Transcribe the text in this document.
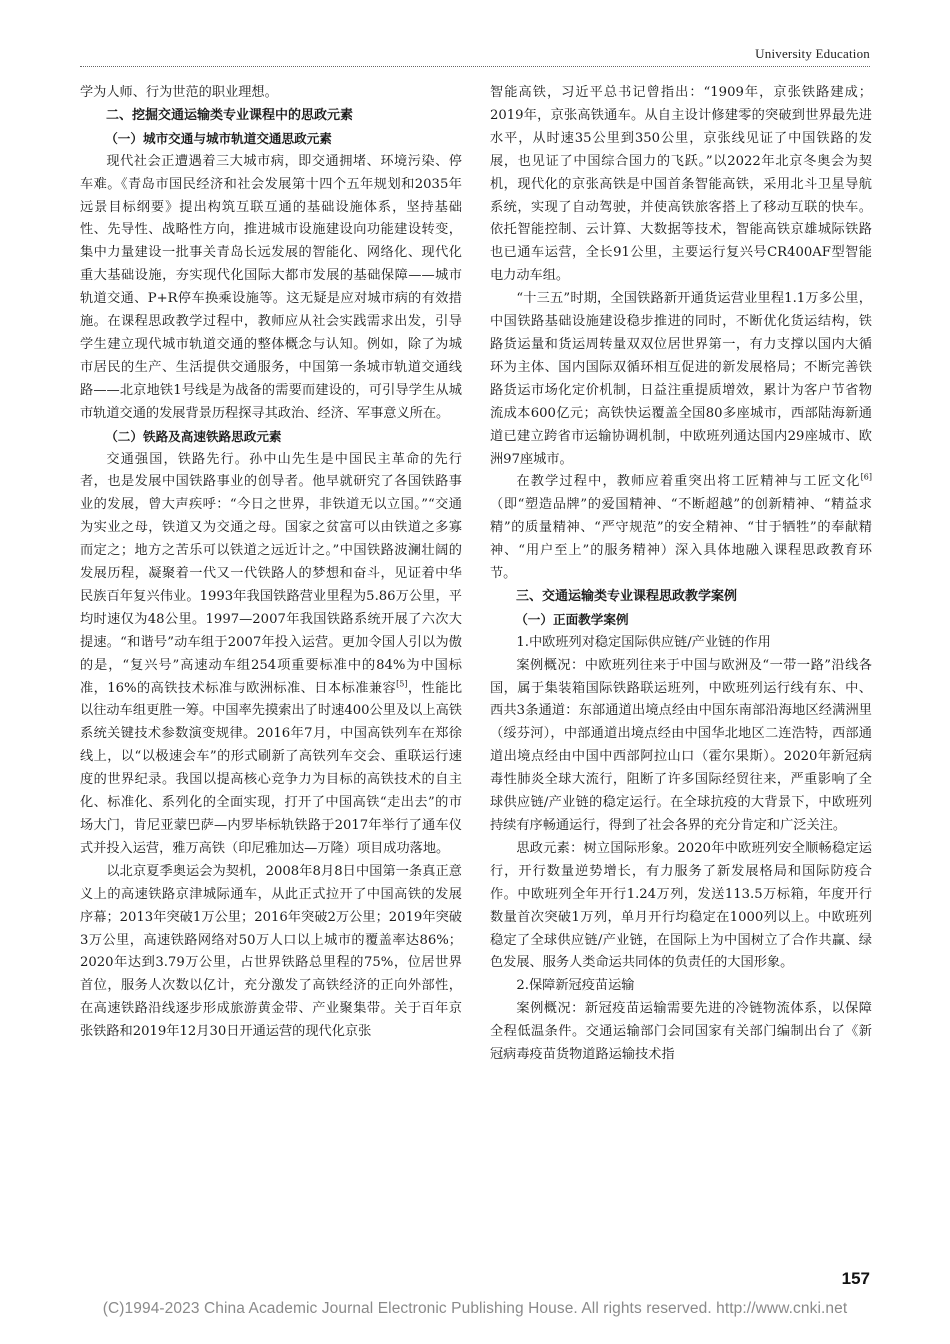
University Education

学为人师、行为世范的职业理想。

二、挖掘交通运输类专业课程中的思政元素

（一）城市交通与城市轨道交通思政元素

现代社会正遭遇着三大城市病，即交通拥堵、环境污染、停车难。《青岛市国民经济和社会发展第十四个五年规划和2035年远景目标纲要》提出构筑互联互通的基础设施体系，坚持基础性、先导性、战略性方向，推进城市设施建设向功能建设转变，集中力量建设一批事关青岛长远发展的智能化、网络化、现代化重大基础设施，夯实现代化国际大都市发展的基础保障——城市轨道交通、P+R停车换乘设施等。这无疑是应对城市病的有效措施。在课程思政教学过程中，教师应从社会实践需求出发，引导学生建立现代城市轨道交通的整体概念与认知。例如，除了为城市居民的生产、生活提供交通服务，中国第一条城市轨道交通线路——北京地铁1号线是为战备的需要而建设的，可引导学生从城市轨道交通的发展背景历程探寻其政治、经济、军事意义所在。

（二）铁路及高速铁路思政元素

交通强国，铁路先行。孙中山先生是中国民主革命的先行者，也是发展中国铁路事业的创导者。他早就研究了各国铁路事业的发展，曾大声疾呼：“今日之世界，非铁道无以立国。”“交通为实业之母，铁道又为交通之母。国家之贫富可以由铁道之多寡而定之；地方之苦乐可以铁道之远近计之。”中国铁路波澜壮阔的发展历程，凝聚着一代又一代铁路人的梦想和奋斗，见证着中华民族百年复兴伟业。1993年我国铁路营业里程为5.86万公里，平均时速仅为48公里。1997—2007年我国铁路系统开展了六次大提速。“和谐号”动车组于2007年投入运营。更加令国人引以为傲的是，“复兴号”高速动车组254项重要标准中的84%为中国标准，16%的高铁技术标准与欧洲标准、日本标准兼容[5]，性能比以往动车组更胜一筹。中国率先摸索出了时速400公里及以上高铁系统关键技术参数演变规律。2016年7月，中国高铁列车在郑徐线上，以“以极速会车”的形式刷新了高铁列车交会、重联运行速度的世界纪录。我国以提高核心竞争力为目标的高铁技术的自主化、标准化、系列化的全面实现，打开了中国高铁“走出去”的市场大门，肯尼亚蒙巴萨—内罗毕标轨铁路于2017年举行了通车仪式并投入运营，雅万高铁（印尼雅加达—万隆）项目成功落地。

以北京夏季奥运会为契机，2008年8月8日中国第一条真正意义上的高速铁路京津城际通车，从此正式拉开了中国高铁的发展序幕；2013年突破1万公里；2016年突破2万公里；2019年突破3万公里，高速铁路网络对50万人口以上城市的覆盖率达86%；2020年达到3.79万公里，占世界铁路总里程的75%，位居世界首位，服务人次数以亿计，充分激发了高铁经济的正向外部性，在高速铁路沿线逐步形成旅游黄金带、产业聚集带。关于百年京张铁路和2019年12月30日开通运营的现代化京张

智能高铁，习近平总书记曾指出：“1909年，京张铁路建成；2019年，京张高铁通车。从自主设计修建零的突破到世界最先进水平，从时速35公里到350公里，京张线见证了中国铁路的发展，也见证了中国综合国力的飞跃。”以2022年北京冬奥会为契机，现代化的京张高铁是中国首条智能高铁，采用北斗卫星导航系统，实现了自动驾驶，并使高铁旅客搭上了移动互联的快车。依托智能控制、云计算、大数据等技术，智能高铁京雄城际铁路也已通车运营，全长91公里，主要运行复兴号CR400AF型智能电力动车组。

“十三五”时期，全国铁路新开通货运营业里程1.1万多公里，中国铁路基础设施建设稳步推进的同时，不断优化货运结构，铁路货运量和货运周转量双双位居世界第一，有力支撑以国内大循环为主体、国内国际双循环相互促进的新发展格局；不断完善铁路货运市场化定价机制，日益注重提质增效，累计为客户节省物流成本600亿元；高铁快运覆盖全国80多座城市，西部陆海新通道已建立跨省市运输协调机制，中欧班列通达国内29座城市、欧洲97座城市。

在教学过程中，教师应着重突出将工匠精神与工匠文化[6]（即“塑造品牌”的爱国精神、“不断超越”的创新精神、“精益求精”的质量精神、“严守规范”的安全精神、“甘于牺牲”的奉献精神、“用户至上”的服务精神）深入具体地融入课程思政教育环节。

三、交通运输类专业课程思政教学案例

（一）正面教学案例

1.中欧班列对稳定国际供应链/产业链的作用

案例概况：中欧班列往来于中国与欧洲及“一带一路”沿线各国，属于集装箱国际铁路联运班列，中欧班列运行线有东、中、西共3条通道：东部通道出境点经由中国东南部沿海地区经满洲里（绥芬河），中部通道出境点经由中国华北地区二连浩特，西部通道出境点经由中国中西部阿拉山口（霍尔果斯）。2020年新冠病毒性肺炎全球大流行，阻断了许多国际经贸往来，严重影响了全球供应链/产业链的稳定运行。在全球抗疫的大背景下，中欧班列持续有序畅通运行，得到了社会各界的充分肯定和广泛关注。

思政元素：树立国际形象。2020年中欧班列安全顺畅稳定运行，开行数量逆势增长，有力服务了新发展格局和国际防疫合作。中欧班列全年开行1.24万列，发送113.5万标箱，年度开行数量首次突破1万列，单月开行均稳定在1000列以上。中欧班列稳定了全球供应链/产业链，在国际上为中国树立了合作共赢、绿色发展、服务人类命运共同体的负责任的大国形象。

2.保障新冠疫苗运输

案例概况：新冠疫苗运输需要先进的冷链物流体系，以保障全程低温条件。交通运输部门会同国家有关部门编制出台了《新冠病毒疫苗货物道路运输技术指

157
(C)1994-2023 China Academic Journal Electronic Publishing House. All rights reserved. http://www.cnki.net
